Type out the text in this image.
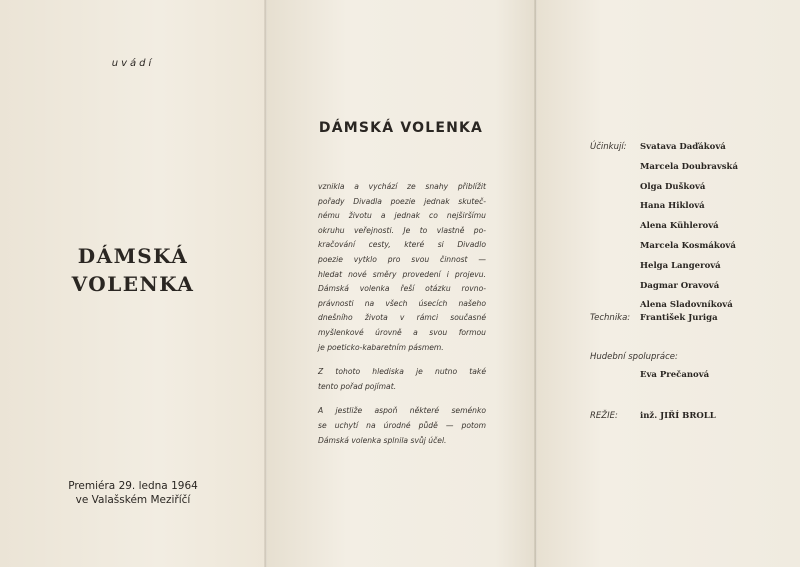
uvádí
DÁMSKÁ
VOLENKA
Premiéra 29. ledna 1964
ve Valašském Meziříčí
DÁMSKÁ VOLENKA

vznikla a vychází ze snahy přiblížit
pořady Divadla poezie jednak skuteč-
nému životu a jednak co nejširšímu
okruhu veřejnosti. Je to vlastně po-
kračování cesty, které si Divadlo
poezie vytklo pro svou činnost —
hledat nové směry provedení i projevu.
Dámská volenka řeší otázku rovno-
právnosti na všech úsecích našeho
dnešního života v rámci současné
myšlenkové úrovně a svou formou
je poeticko-kabaretním pásmem.

Z tohoto hlediska je nutno také
tento pořad pojímat.

A jestliže aspoň některé seménko
se uchytí na úrodné půdě — potom
Dámská volenka splnila svůj účel.

Účinkují: Svatava Daďáková
Marcela Doubravská
Olga Dušková
Hana Hiklová
Alena Kühlerová
Marcela Kosmáková
Helga Langerová
Dagmar Oravová
Alena Sladovníková
Technika: František Juriga
Hudební spolupráce:
Eva Prečanová
REŽIE:	inž. JIŘÍ BROLL
